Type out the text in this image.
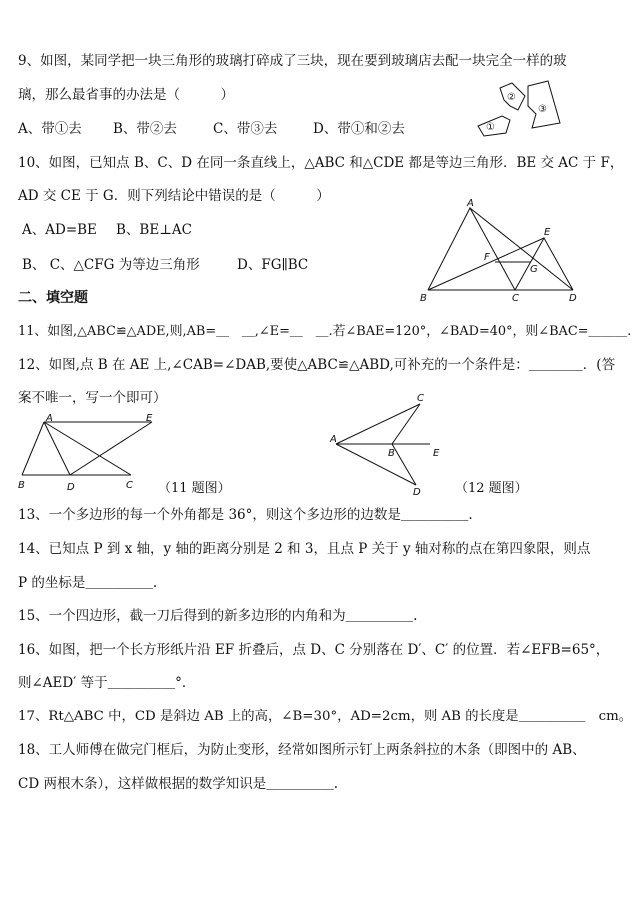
9、如图，某同学把一块三角形的玻璃打碎成了三块，现在要到玻璃店去配一块完全一样的玻
璃，那么最省事的办法是（　　　）
A、带①去 B、带②去	C、带③去	D、带①和②去
②
③
①
10、如图，已知点 B、C、D 在同一条直线上，△ABC 和△CDE 都是等边三角形．BE 交 AC 于 F，
AD 交 CE 于 G．则下列结论中错误的是（　　　）
A、AD=BE B、BE⊥AC
B、 C、△CFG 为等边三角形	D、FG∥BC
A
E
F
G
B	C	D
二、填空题
11、如图,△ABC≌△ADE,则,AB=＿　＿,∠E=＿　＿.若∠BAE=120°，∠BAD=40°，则∠BAC=＿＿＿.
12、如图,点 B 在 AE 上,∠CAB=∠DAB,要使△ABC≌△ABD,可补充的一个条件是：＿＿＿＿．(答
案不唯一，写一个即可）
A	E
B	D	C （11 题图）
C
A
B	E
D	（12 题图）
13、一个多边形的每一个外角都是 36°，则这个多边形的边数是＿＿＿＿＿.
14、已知点 P 到 x 轴，y 轴的距离分别是 2 和 3，且点 P 关于 y 轴对称的点在第四象限，则点
P 的坐标是＿＿＿＿＿.
15、一个四边形，截一刀后得到的新多边形的内角和为＿＿＿＿＿.
16、如图，把一个长方形纸片沿 EF 折叠后，点 D、C 分别落在 D′、C′ 的位置．若∠EFB=65°，
则∠AED′ 等于＿＿＿＿＿°．
17、Rt△ABC 中，CD 是斜边 AB 上的高，∠B=30°，AD=2cm，则 AB 的长度是＿＿＿＿＿　cm。
18、工人师傅在做完门框后，为防止变形，经常如图所示钉上两条斜拉的木条（即图中的 AB、
CD 两根木条），这样做根据的数学知识是＿＿＿＿＿.
